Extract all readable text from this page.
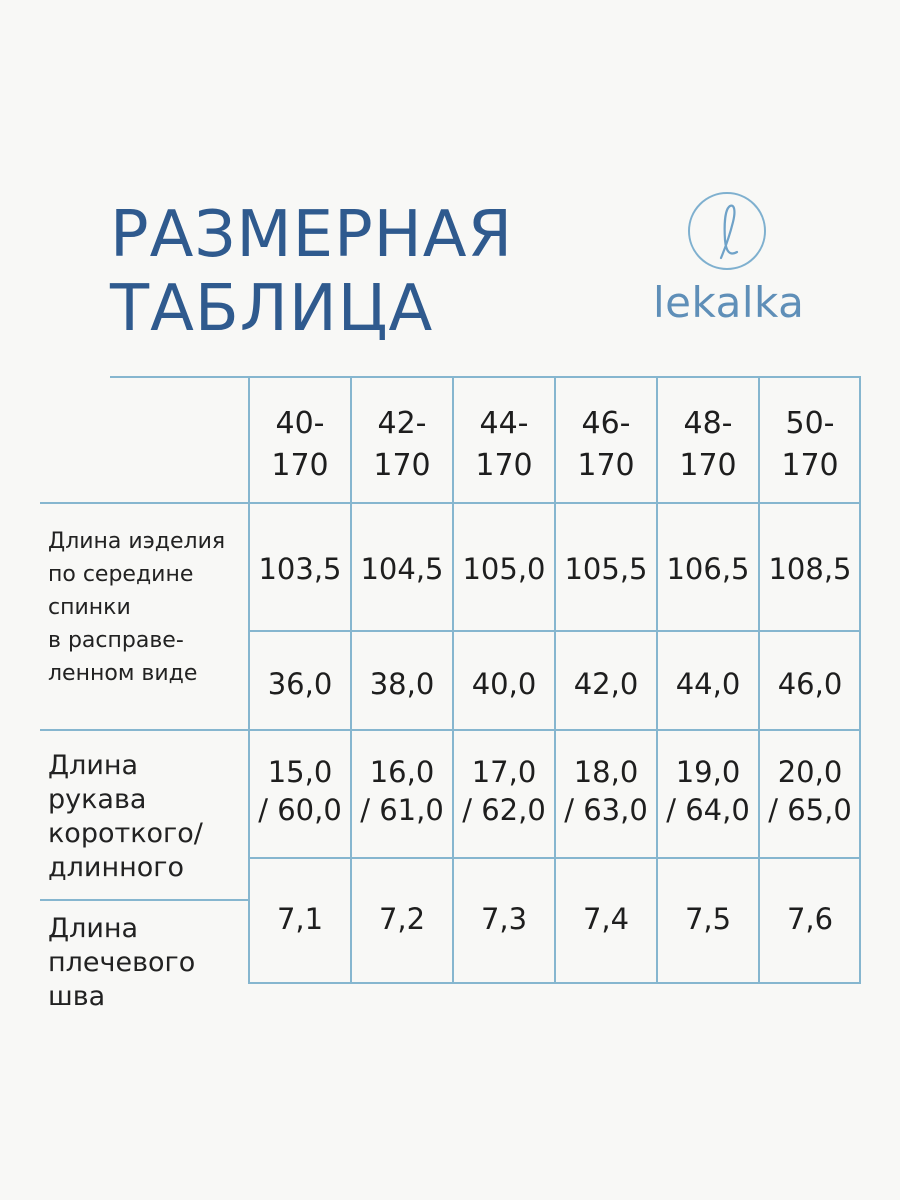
РАЗМЕРНАЯ
ТАБЛИЦА	lekalka
40-
170
103,5
36,0
15,0
/ 60,0
7,1
42-
170
104,5
38,0
16,0
/ 61,0
7,2
44-
170
105,0
40,0
17,0
/ 62,0
7,3
46-
170
105,5
42,0
18,0
/ 63,0
7,4
48-
170
106,5
44,0
19,0
/ 64,0
7,5
50-
170
108,5
46,0
20,0
/ 65,0
7,6
Длина иэделия
по середине
спинки
в расправе-
ленном виде
Длина
рукава
короткого/
длинного
Длина
плечевого
шва
